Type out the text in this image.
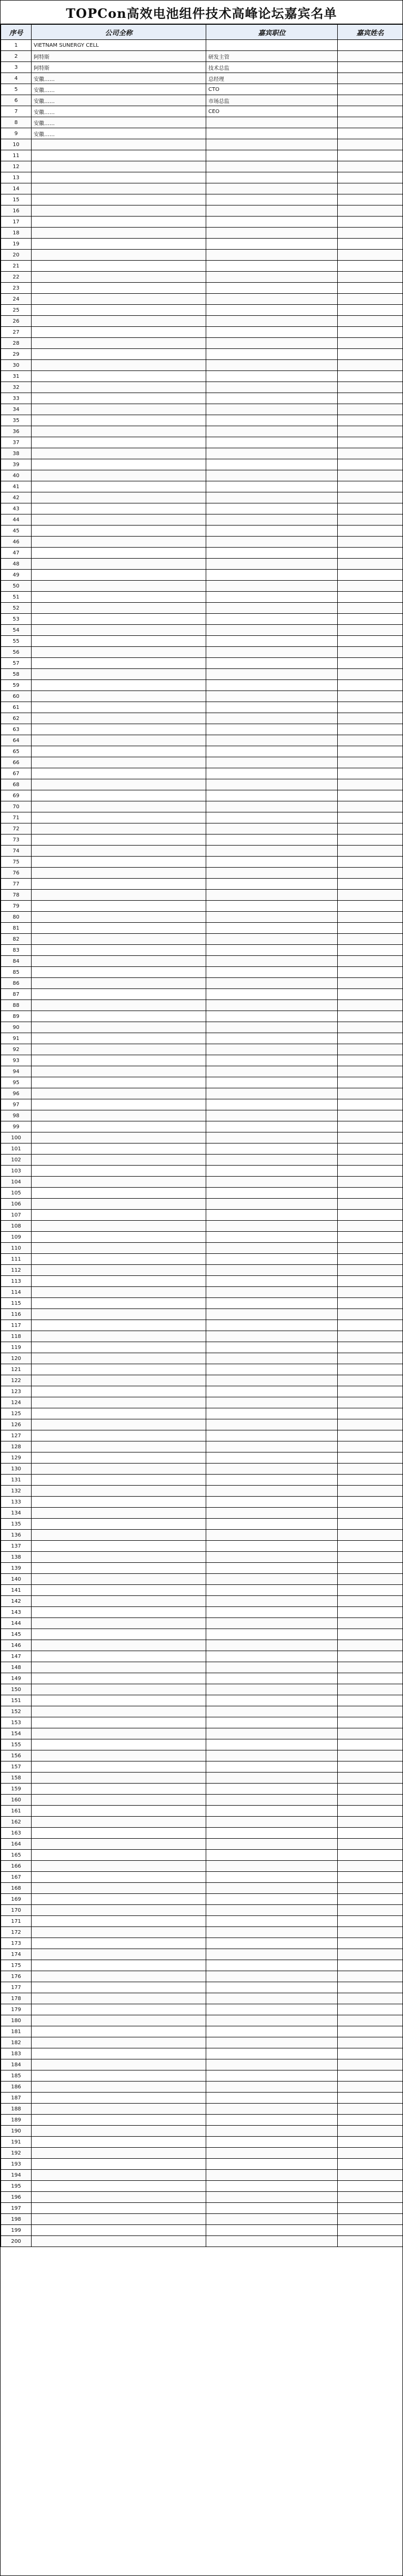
TOPCon高效电池组件技术高峰论坛嘉宾名单
序号	公司全称	嘉宾职位	嘉宾姓名
1	VIETNAM SUNERGY CELL		
2	阿特斯	研发主管	
3	阿特斯	技术总监	
4	安徽……	总经理	
5	安徽……	CTO	
6	安徽……	市场总监	
7	安徽……	CEO	
8	安徽……		
9	安徽……		
10			
11			
12			
13			
14			
15			
16			
17			
18			
19			
20			
21			
22			
23			
24			
25			
26			
27			
28			
29			
30			
31			
32			
33			
34			
35			
36			
37			
38			
39			
40			
41			
42			
43			
44			
45			
46			
47			
48			
49			
50			
51			
52			
53			
54			
55			
56			
57			
58			
59			
60			
61			
62			
63			
64			
65			
66			
67			
68			
69			
70			
71			
72			
73			
74			
75			
76			
77			
78			
79			
80			
81			
82			
83			
84			
85			
86			
87			
88			
89			
90			
91			
92			
93			
94			
95			
96			
97			
98			
99			
100			
101			
102			
103			
104			
105			
106			
107			
108			
109			
110			
111			
112			
113			
114			
115			
116			
117			
118			
119			
120			
121			
122			
123			
124			
125			
126			
127			
128			
129			
130			
131			
132			
133			
134			
135			
136			
137			
138			
139			
140			
141			
142			
143			
144			
145			
146			
147			
148			
149			
150			
151			
152			
153			
154			
155			
156			
157			
158			
159			
160			
161			
162			
163			
164			
165			
166			
167			
168			
169			
170			
171			
172			
173			
174			
175			
176			
177			
178			
179			
180			
181			
182			
183			
184			
185			
186			
187			
188			
189			
190			
191			
192			
193			
194			
195			
196			
197			
198			
199			
200			
